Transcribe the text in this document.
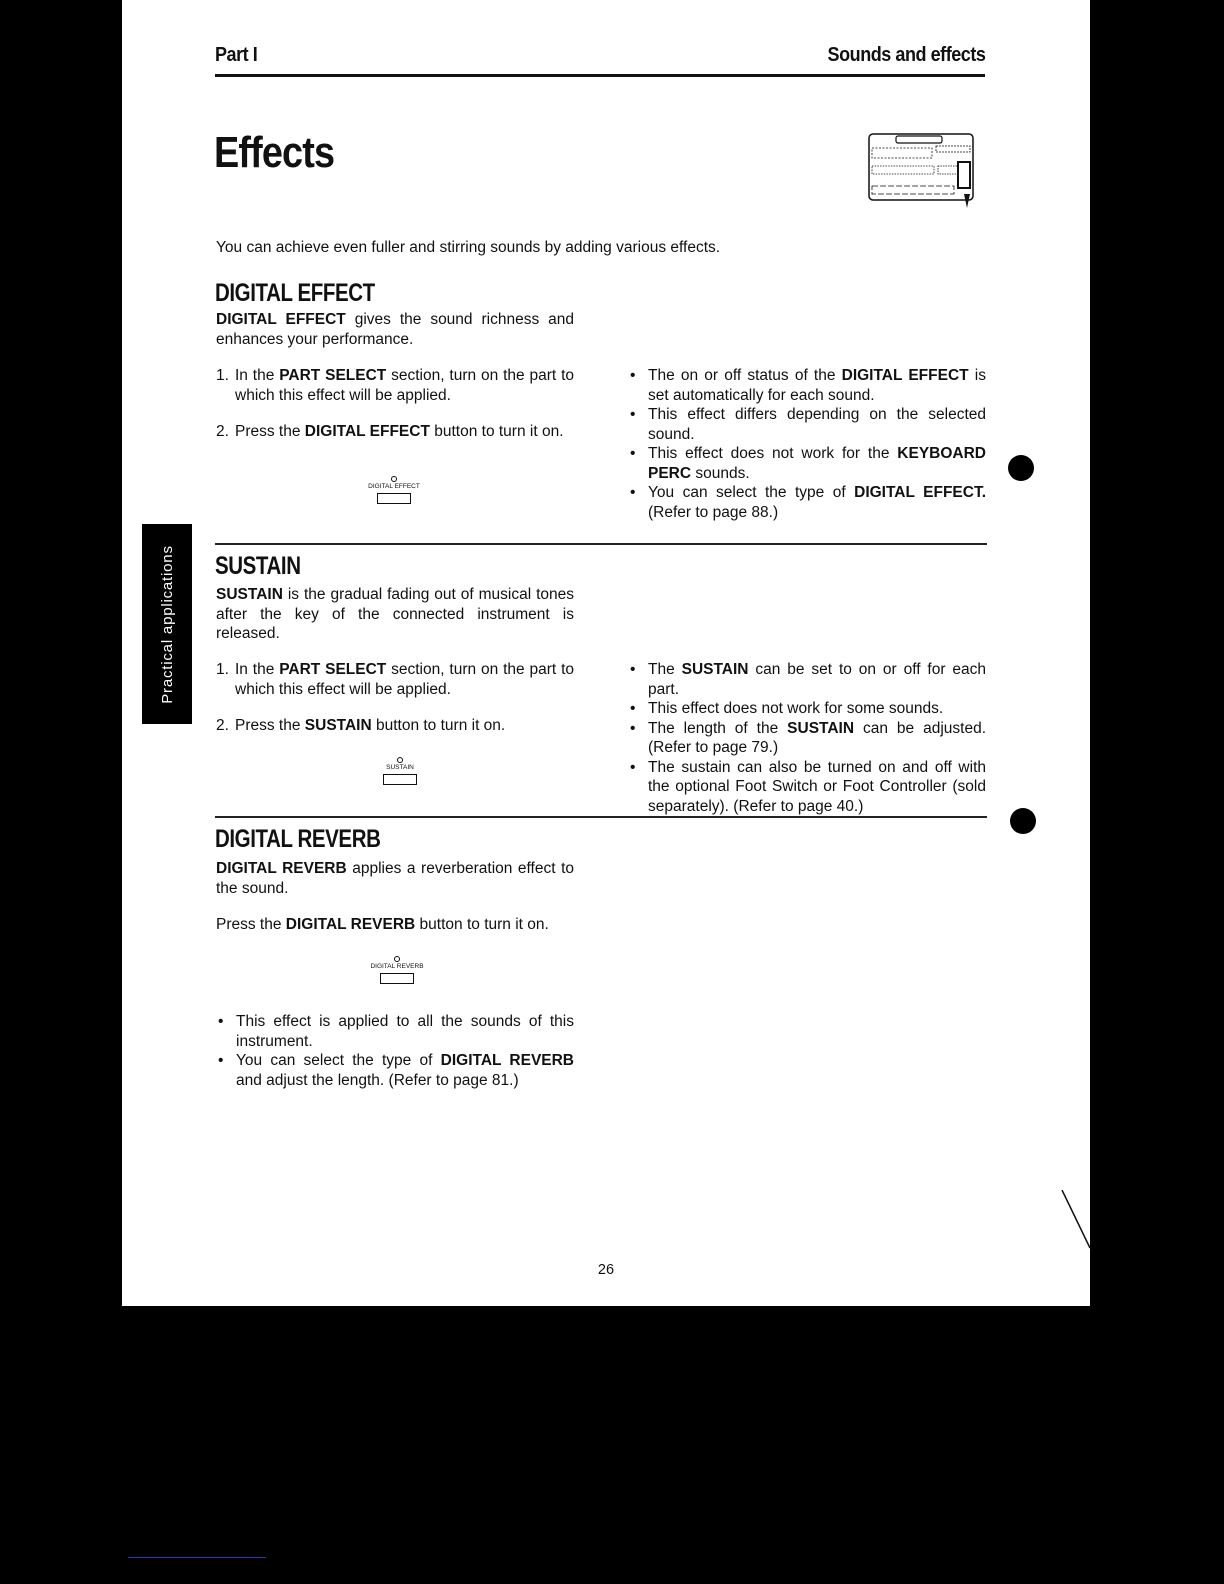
Part I	Sounds and effects
Effects
You can achieve even fuller and stirring sounds by adding various effects.
DIGITAL EFFECT
DIGITAL EFFECT gives the sound richness and enhances your performance.
1. In the PART SELECT section, turn on the part to which this effect will be applied.
2. Press the DIGITAL EFFECT button to turn it on.
DIGITAL EFFECT
• The on or off status of the DIGITAL EFFECT is set automatically for each sound.
• This effect differs depending on the selected sound.
• This effect does not work for the KEYBOARD PERC sounds.
• You can select the type of DIGITAL EFFECT. (Refer to page 88.)
SUSTAIN
SUSTAIN is the gradual fading out of musical tones after the key of the connected instrument is released.
1. In the PART SELECT section, turn on the part to which this effect will be applied.
2. Press the SUSTAIN button to turn it on.
SUSTAIN
• The SUSTAIN can be set to on or off for each part.
• This effect does not work for some sounds.
• The length of the SUSTAIN can be adjusted. (Refer to page 79.)
• The sustain can also be turned on and off with the optional Foot Switch or Foot Controller (sold separately). (Refer to page 40.)
DIGITAL REVERB
DIGITAL REVERB applies a reverberation effect to the sound.
Press the DIGITAL REVERB button to turn it on.
DIGITAL REVERB
• This effect is applied to all the sounds of this instrument.
• You can select the type of DIGITAL REVERB and adjust the length. (Refer to page 81.)
26
Practical applications
